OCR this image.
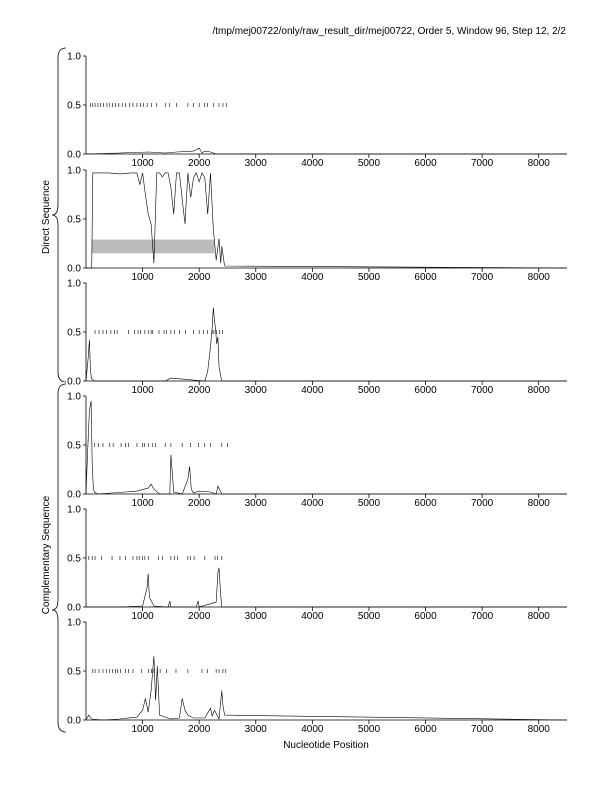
/tmp/mej00722/only/raw_result_dir/mej00722, Order 5, Window 96, Step 12, 2/2
0.0
0.5
1.0
1000	2000	3000	4000	5000	6000	7000	8000
0.0
0.5
1.0
1000	2000	3000	4000	5000	6000	7000	8000
0.0
0.5
1.0
1000	2000	3000	4000	5000	6000	7000	8000
0.0
0.5
1.0
1000	2000	3000	4000	5000	6000	7000	8000
0.0
0.5
1.0
1000	2000	3000	4000	5000	6000	7000	8000
0.0
0.5
1.0
1000	2000	3000	4000	5000	6000	7000	8000
Direct Sequence
Complementary Sequence
Nucleotide Position
